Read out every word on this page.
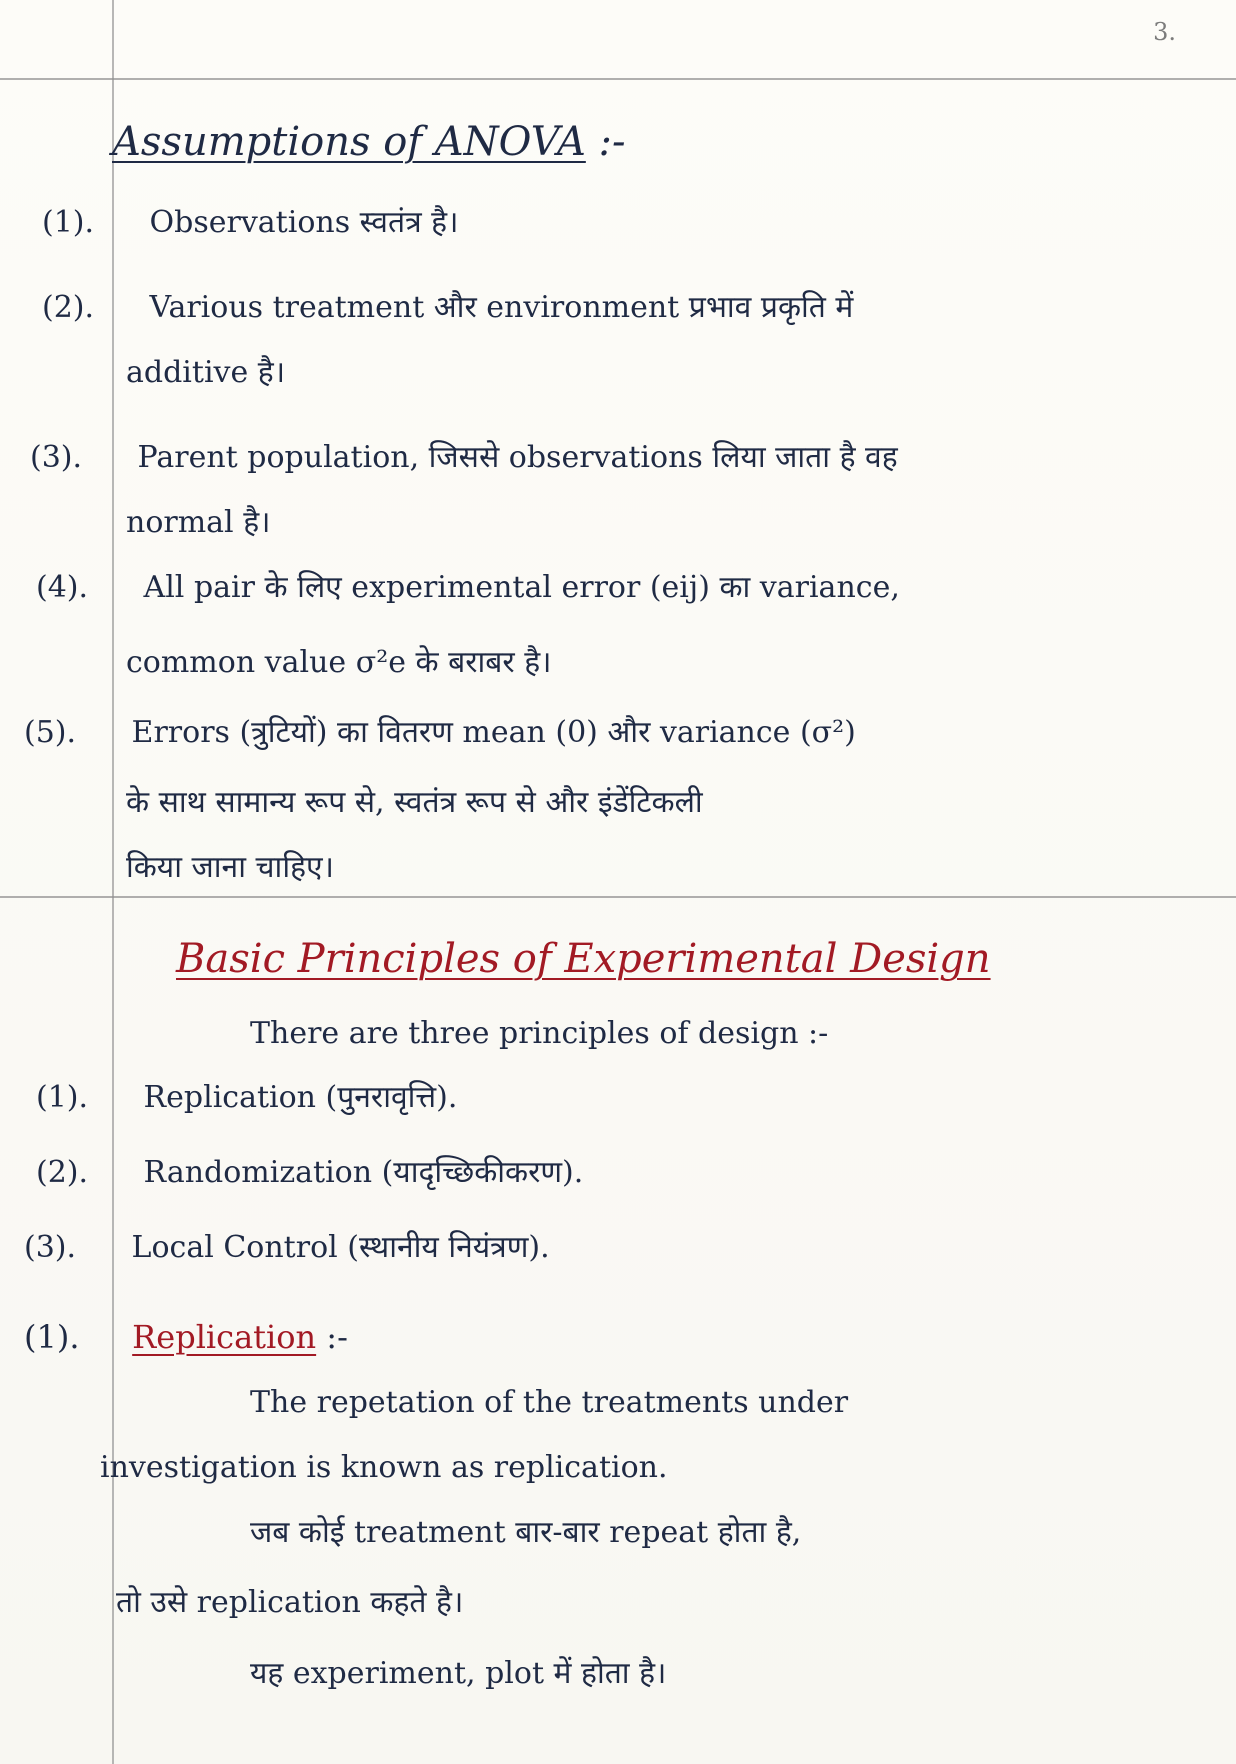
3.
Assumptions of ANOVA :-
(1). Observations स्वतंत्र है।
(2). Various treatment और environment प्रभाव प्रकृति में
additive है।
(3). Parent population, जिससे observations लिया जाता है वह
normal है।
(4). All pair के लिए experimental error (eij) का variance,
common value σ²e के बराबर है।
(5). Errors (त्रुटियों) का वितरण mean (0) और variance (σ²)
के साथ सामान्य रूप से, स्वतंत्र रूप से और इंडेंटिकली
किया जाना चाहिए।
Basic Principles of Experimental Design
There are three principles of design :-
(1). Replication (पुनरावृत्ति).
(2). Randomization (यादृच्छिकीकरण).
(3). Local Control (स्थानीय नियंत्रण).
(1). Replication :-
The repetation of the treatments under
investigation is known as replication.
जब कोई treatment बार-बार repeat होता है,
तो उसे replication कहते है।
यह experiment, plot में होता है।
